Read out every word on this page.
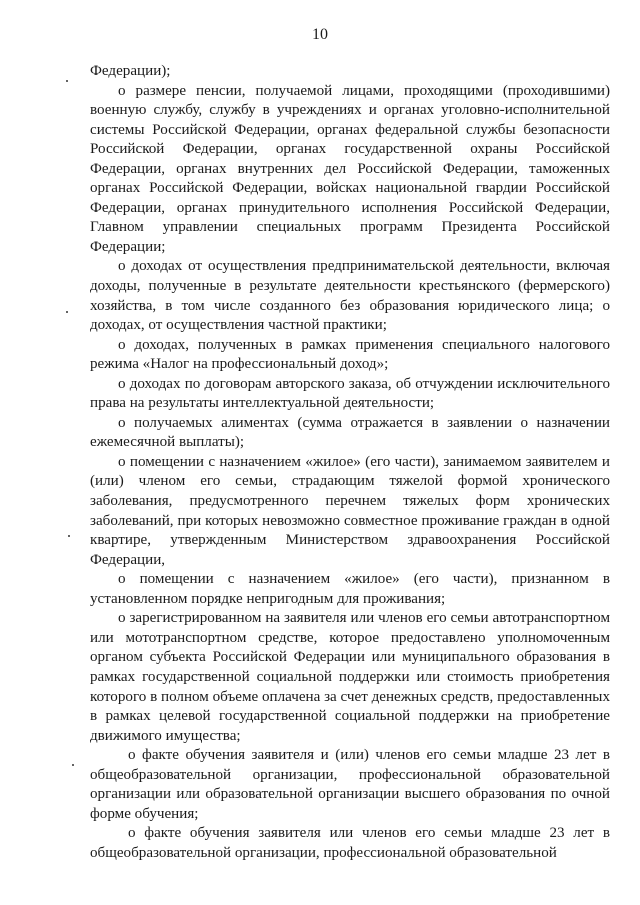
10

Федерации);

о размере пенсии, получаемой лицами, проходящими (проходившими) военную службу, службу в учреждениях и органах уголовно-исполнительной системы Российской Федерации, органах федеральной службы безопасности Российской Федерации, органах государственной охраны Российской Федерации, органах внутренних дел Российской Федерации, таможенных органах Российской Федерации, войсках национальной гвардии Российской Федерации, органах принудительного исполнения Российской Федерации, Главном управлении специальных программ Президента Российской Федерации;

о доходах от осуществления предпринимательской деятельности, включая доходы, полученные в результате деятельности крестьянского (фермерского) хозяйства, в том числе созданного без образования юридического лица; о доходах, от осуществления частной практики;

о доходах, полученных в рамках применения специального налогового режима «Налог на профессиональный доход»;

о доходах по договорам авторского заказа, об отчуждении исключительного права на результаты интеллектуальной деятельности;

о получаемых алиментах (сумма отражается в заявлении о назначении ежемесячной выплаты);

о помещении с назначением «жилое» (его части), занимаемом заявителем и (или) членом его семьи, страдающим тяжелой формой хронического заболевания, предусмотренного перечнем тяжелых форм хронических заболеваний, при которых невозможно совместное проживание граждан в одной квартире, утвержденным Министерством здравоохранения Российской Федерации,

о помещении с назначением «жилое» (его части), признанном в установленном порядке непригодным для проживания;

о зарегистрированном на заявителя или членов его семьи автотранспортном или мототранспортном средстве, которое предоставлено уполномоченным органом субъекта Российской Федерации или муниципального образования в рамках государственной социальной поддержки или стоимость приобретения которого в полном объеме оплачена за счет денежных средств, предоставленных в рамках целевой государственной социальной поддержки на приобретение движимого имущества;

о факте обучения заявителя и (или) членов его семьи младше 23 лет в общеобразовательной организации, профессиональной образовательной организации или образовательной организации высшего образования по очной форме обучения;

о факте обучения заявителя или членов его семьи младше 23 лет в общеобразовательной организации, профессиональной образовательной
